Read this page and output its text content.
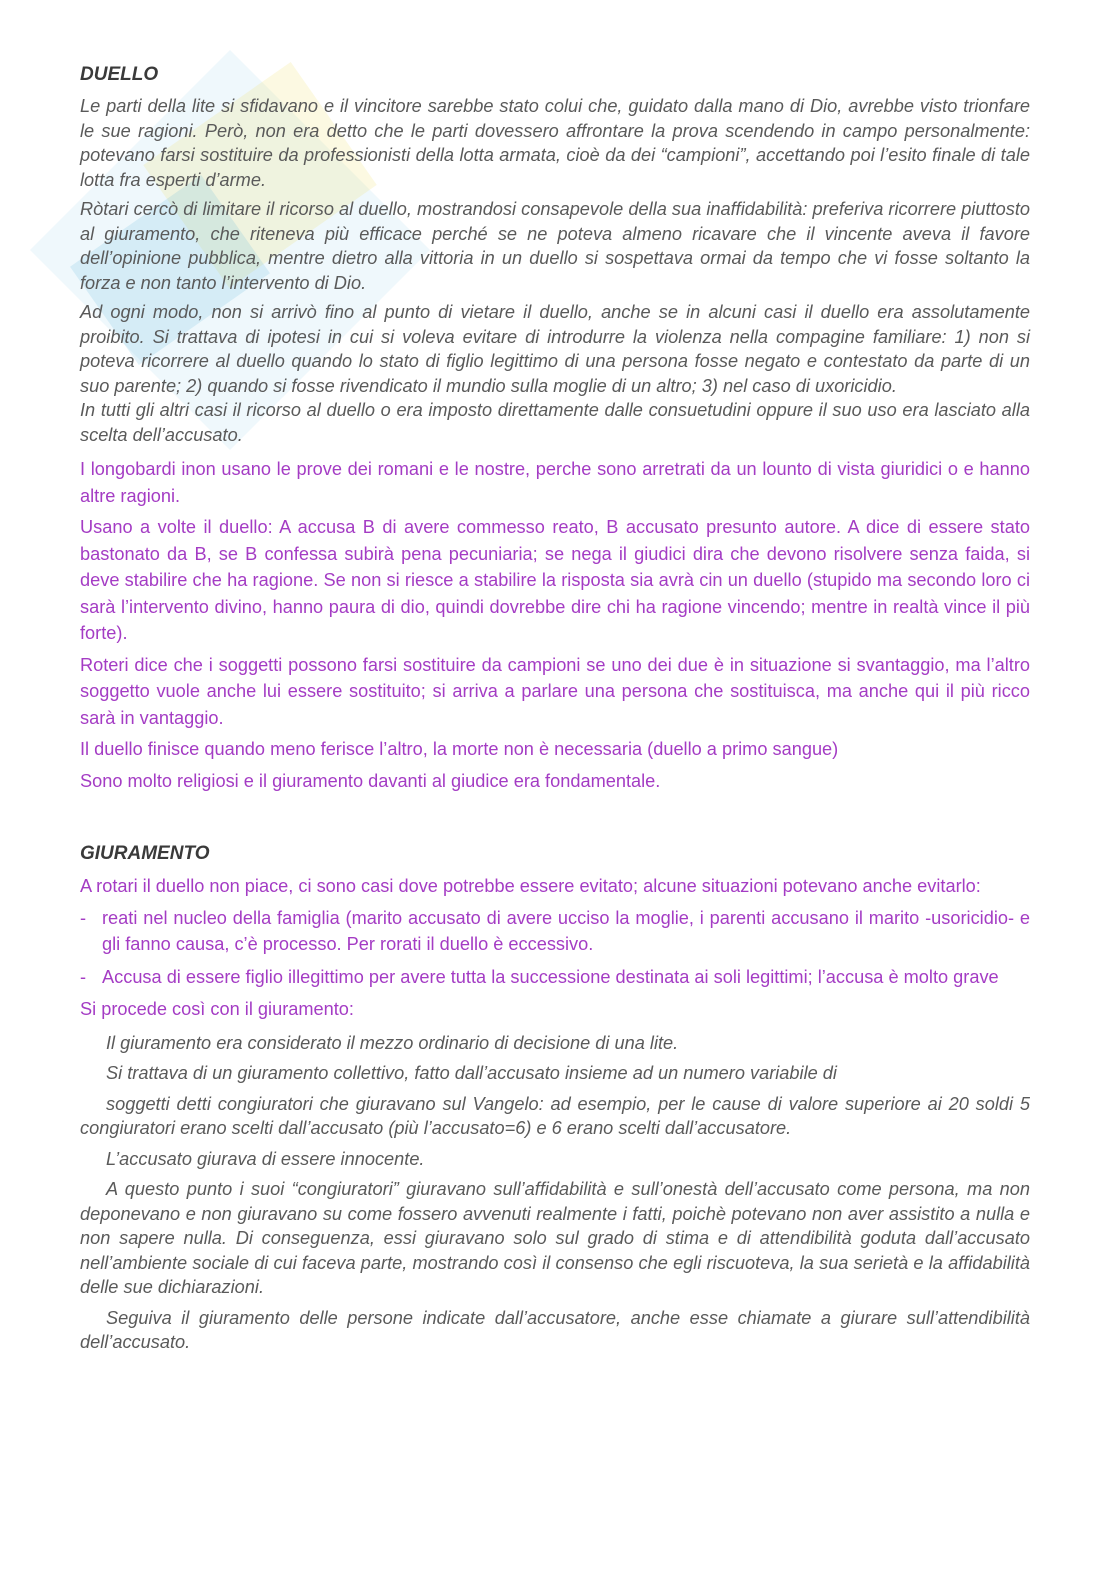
DUELLO

Le parti della lite si sfidavano e il vincitore sarebbe stato colui che, guidato dalla mano di Dio, avrebbe visto trionfare le sue ragioni. Però, non era detto che le parti dovessero affrontare la prova scendendo in campo personalmente: potevano farsi sostituire da professionisti della lotta armata, cioè da dei “campioni”, accettando poi l’esito finale di tale lotta fra esperti d’arme.

Ròtari cercò di limitare il ricorso al duello, mostrandosi consapevole della sua inaffidabilità: preferiva ricorrere piuttosto al giuramento, che riteneva più efficace perché se ne poteva almeno ricavare che il vincente aveva il favore dell’opinione pubblica, mentre dietro alla vittoria in un duello si sospettava ormai da tempo che vi fosse soltanto la forza e non tanto l’intervento di Dio.

Ad ogni modo, non si arrivò fino al punto di vietare il duello, anche se in alcuni casi il duello era assolutamente proibito. Si trattava di ipotesi in cui si voleva evitare di introdurre la violenza nella compagine familiare: 1) non si poteva ricorrere al duello quando lo stato di figlio legittimo di una persona fosse negato e contestato da parte di un suo parente; 2) quando si fosse rivendicato il mundio sulla moglie di un altro; 3) nel caso di uxoricidio.

In tutti gli altri casi il ricorso al duello o era imposto direttamente dalle consuetudini oppure il suo uso era lasciato alla scelta dell’accusato.

I longobardi inon usano le prove dei romani e le nostre, perche sono arretrati da un lounto di vista giuridici o e hanno altre ragioni.

Usano a volte il duello: A accusa B di avere commesso reato, B accusato presunto autore. A dice di essere stato bastonato da B, se B confessa subirà pena pecuniaria; se nega il giudici dira che devono risolvere senza faida, si deve stabilire che ha ragione. Se non si riesce a stabilire la risposta sia avrà cin un duello (stupido ma secondo loro ci sarà l’intervento divino, hanno paura di dio, quindi dovrebbe dire chi ha ragione vincendo; mentre in realtà vince il più forte).

Roteri dice che i soggetti possono farsi sostituire da campioni se uno dei due è in situazione si svantaggio, ma l’altro soggetto vuole anche lui essere sostituito; si arriva a parlare una persona che sostituisca, ma anche qui il più ricco sarà in vantaggio.

Il duello finisce quando meno ferisce l’altro, la morte non è necessaria (duello a primo sangue)

Sono molto religiosi e il giuramento davanti al giudice era fondamentale.

GIURAMENTO

A rotari il duello non piace, ci sono casi dove potrebbe essere evitato; alcune situazioni potevano anche evitarlo:

- reati nel nucleo della famiglia (marito accusato di avere ucciso la moglie, i parenti accusano il marito -usoricidio- e gli fanno causa, c’è processo. Per rorati il duello è eccessivo.
- Accusa di essere figlio illegittimo per avere tutta la successione destinata ai soli legittimi; l’accusa è molto grave

Si procede così con il giuramento:

Il giuramento era considerato il mezzo ordinario di decisione di una lite.

Si trattava di un giuramento collettivo, fatto dall’accusato insieme ad un numero variabile di

soggetti detti congiuratori che giuravano sul Vangelo: ad esempio, per le cause di valore superiore ai 20 soldi 5 congiuratori erano scelti dall’accusato (più l’accusato=6) e 6 erano scelti dall’accusatore.

L’accusato giurava di essere innocente.

A questo punto i suoi “congiuratori” giuravano sull’affidabilità e sull’onestà dell’accusato come persona, ma non deponevano e non giuravano su come fossero avvenuti realmente i fatti, poichè potevano non aver assistito a nulla e non sapere nulla. Di conseguenza, essi giuravano solo sul grado di stima e di attendibilità goduta dall’accusato nell’ambiente sociale di cui faceva parte, mostrando così il consenso che egli riscuoteva, la sua serietà e la affidabilità delle sue dichiarazioni.

Seguiva il giuramento delle persone indicate dall’accusatore, anche esse chiamate a giurare sull’attendibilità dell’accusato.
